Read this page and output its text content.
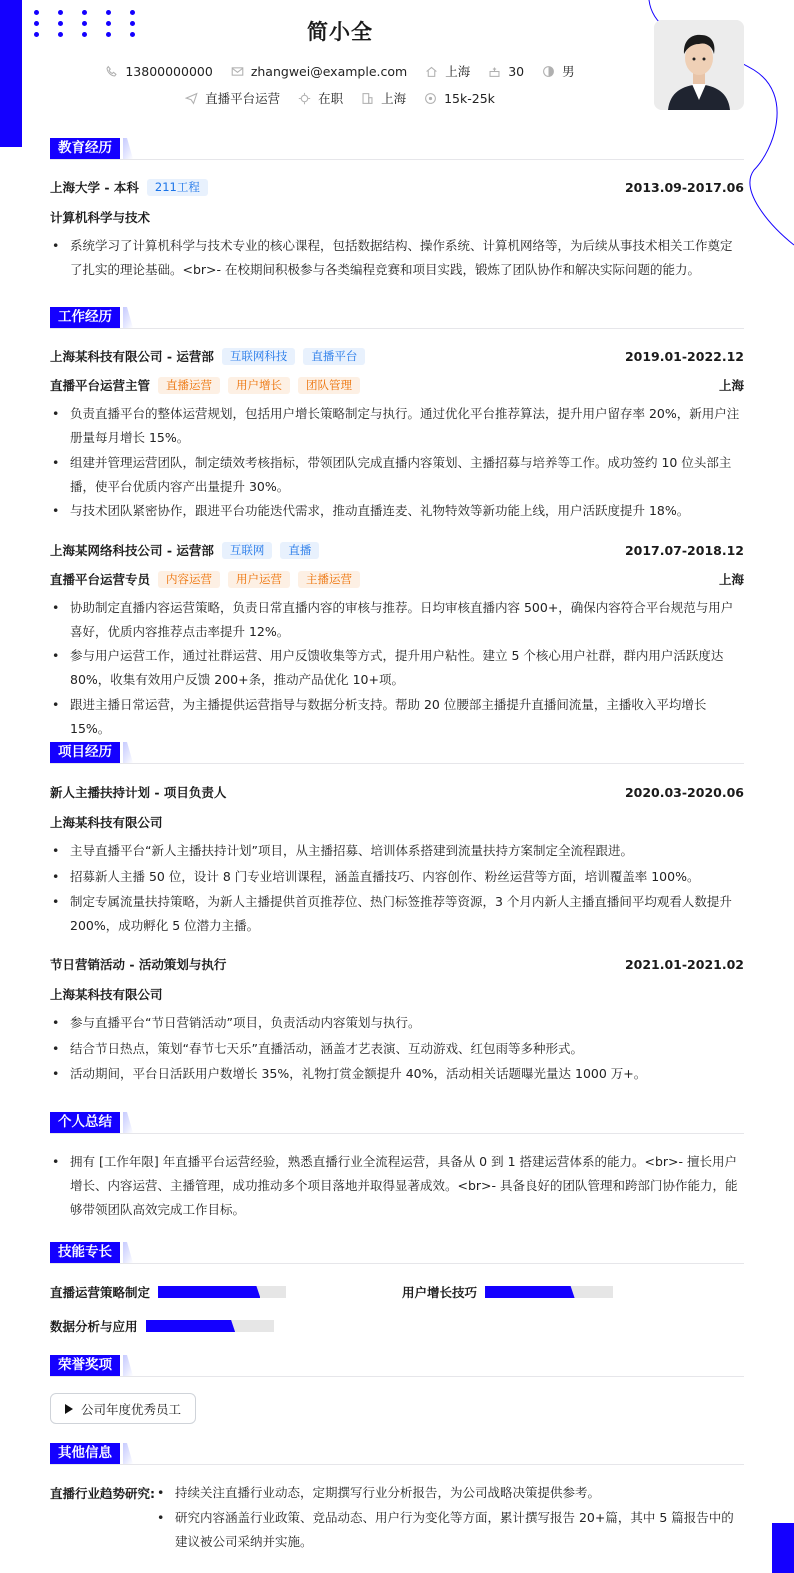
简小全
13800000000	zhangwei@example.com	上海	30	男
直播平台运营	在职	上海	15k-25k
教育经历
上海大学 - 本科	211工程	2013.09-2017.06
计算机科学与技术
• 系统学习了计算机科学与技术专业的核心课程，包括数据结构、操作系统、计算机网络等，为后续从事技术相关工作奠定了扎实的理论基础。<br>- 在校期间积极参与各类编程竞赛和项目实践，锻炼了团队协作和解决实际问题的能力。
工作经历
上海某科技有限公司 - 运营部	互联网科技	直播平台	2019.01-2022.12
直播平台运营主管	直播运营	用户增长	团队管理	上海
• 负责直播平台的整体运营规划，包括用户增长策略制定与执行。通过优化平台推荐算法，提升用户留存率 20%，新用户注册量每月增长 15%。
• 组建并管理运营团队，制定绩效考核指标，带领团队完成直播内容策划、主播招募与培养等工作。成功签约 10 位头部主播，使平台优质内容产出量提升 30%。
• 与技术团队紧密协作，跟进平台功能迭代需求，推动直播连麦、礼物特效等新功能上线，用户活跃度提升 18%。
上海某网络科技公司 - 运营部	互联网	直播	2017.07-2018.12
直播平台运营专员	内容运营	用户运营	主播运营	上海
• 协助制定直播内容运营策略，负责日常直播内容的审核与推荐。日均审核直播内容 500+，确保内容符合平台规范与用户喜好，优质内容推荐点击率提升 12%。
• 参与用户运营工作，通过社群运营、用户反馈收集等方式，提升用户粘性。建立 5 个核心用户社群，群内用户活跃度达 80%，收集有效用户反馈 200+条，推动产品优化 10+项。
• 跟进主播日常运营，为主播提供运营指导与数据分析支持。帮助 20 位腰部主播提升直播间流量，主播收入平均增长 15%。
项目经历
新人主播扶持计划 - 项目负责人	2020.03-2020.06
上海某科技有限公司
• 主导直播平台“新人主播扶持计划”项目，从主播招募、培训体系搭建到流量扶持方案制定全流程跟进。
• 招募新人主播 50 位，设计 8 门专业培训课程，涵盖直播技巧、内容创作、粉丝运营等方面，培训覆盖率 100%。
• 制定专属流量扶持策略，为新人主播提供首页推荐位、热门标签推荐等资源，3 个月内新人主播直播间平均观看人数提升 200%，成功孵化 5 位潜力主播。
节日营销活动 - 活动策划与执行	2021.01-2021.02
上海某科技有限公司
• 参与直播平台“节日营销活动”项目，负责活动内容策划与执行。
• 结合节日热点，策划“春节七天乐”直播活动，涵盖才艺表演、互动游戏、红包雨等多种形式。
• 活动期间，平台日活跃用户数增长 35%，礼物打赏金额提升 40%，活动相关话题曝光量达 1000 万+。
个人总结
• 拥有 [工作年限] 年直播平台运营经验，熟悉直播行业全流程运营，具备从 0 到 1 搭建运营体系的能力。<br>- 擅长用户增长、内容运营、主播管理，成功推动多个项目落地并取得显著成效。<br>- 具备良好的团队管理和跨部门协作能力，能够带领团队高效完成工作目标。
技能专长
直播运营策略制定	用户增长技巧
数据分析与应用
荣誉奖项
公司年度优秀员工
其他信息
直播行业趋势研究:
•	持续关注直播行业动态，定期撰写行业分析报告，为公司战略决策提供参考。
• 研究内容涵盖行业政策、竞品动态、用户行为变化等方面，累计撰写报告 20+篇，其中 5 篇报告中的建议被公司采纳并实施。
